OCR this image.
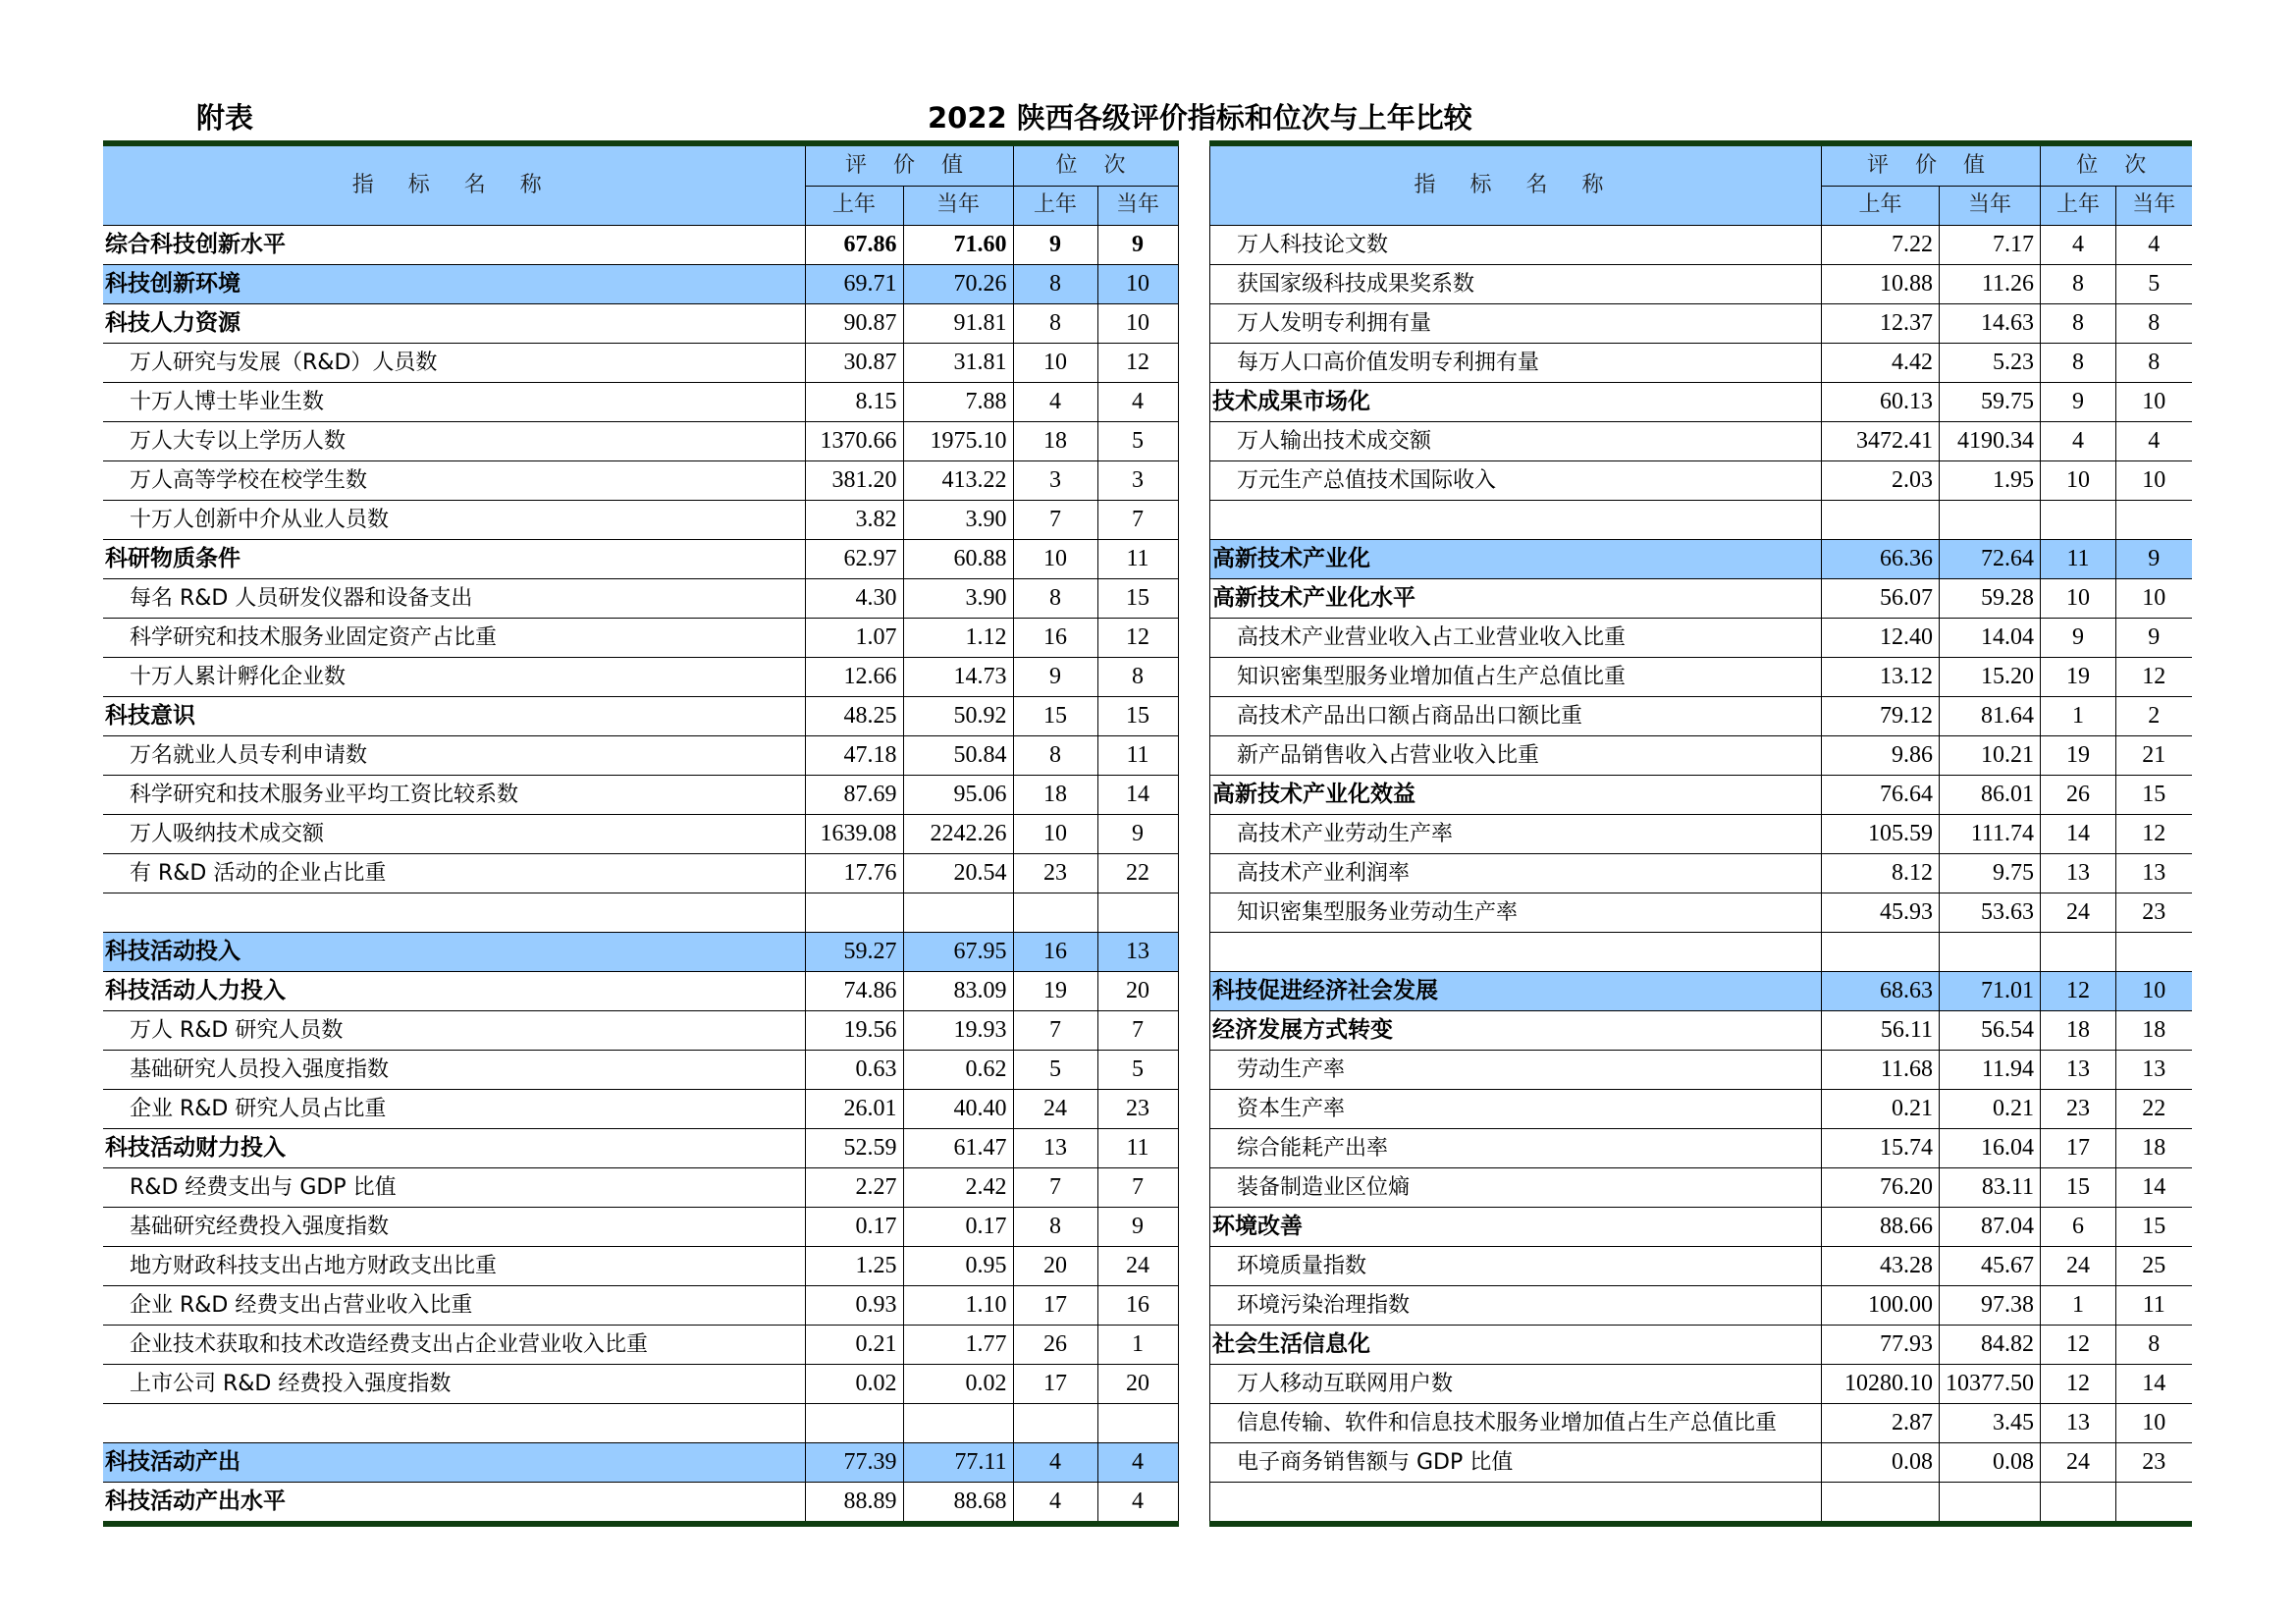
附表	2022 陕西各级评价指标和位次与上年比较
指 标 名 称	评 价 值		位 次	
	上年	当年	上年	当年
综合科技创新水平	67.86	71.60	9	9
科技创新环境	69.71	70.26	8	10
科技人力资源	90.87	91.81	8	10
万人研究与发展（R&D）人员数	30.87	31.81	10	12
十万人博士毕业生数	8.15	7.88	4	4
万人大专以上学历人数	1370.66	1975.10	18	5
万人高等学校在校学生数	381.20	413.22	3	3
十万人创新中介从业人员数	3.82	3.90	7	7
科研物质条件	62.97	60.88	10	11
每名 R&D 人员研发仪器和设备支出	4.30	3.90	8	15
科学研究和技术服务业固定资产占比重	1.07	1.12	16	12
十万人累计孵化企业数	12.66	14.73	9	8
科技意识	48.25	50.92	15	15
万名就业人员专利申请数	47.18	50.84	8	11
科学研究和技术服务业平均工资比较系数	87.69	95.06	18	14
万人吸纳技术成交额	1639.08	2242.26	10	9
有 R&D 活动的企业占比重	17.76	20.54	23	22

科技活动投入	59.27	67.95	16	13
科技活动人力投入	74.86	83.09	19	20
万人 R&D 研究人员数	19.56	19.93	7	7
基础研究人员投入强度指数	0.63	0.62	5	5
企业 R&D 研究人员占比重	26.01	40.40	24	23
科技活动财力投入	52.59	61.47	13	11
R&D 经费支出与 GDP 比值	2.27	2.42	7	7
基础研究经费投入强度指数	0.17	0.17	8	9
地方财政科技支出占地方财政支出比重	1.25	0.95	20	24
企业 R&D 经费支出占营业收入比重	0.93	1.10	17	16
企业技术获取和技术改造经费支出占企业营业收入比重	0.21	1.77	26	1
上市公司 R&D 经费投入强度指数	0.02	0.02	17	20

科技活动产出	77.39	77.11	4	4
科技活动产出水平	88.89	88.68	4	4
指 标 名 称	评 价 值		位 次	
	上年	当年	上年	当年
万人科技论文数	7.22	7.17	4	4
获国家级科技成果奖系数	10.88	11.26	8	5
万人发明专利拥有量	12.37	14.63	8	8
每万人口高价值发明专利拥有量	4.42	5.23	8	8
技术成果市场化	60.13	59.75	9	10
万人输出技术成交额	3472.41	4190.34	4	4
万元生产总值技术国际收入	2.03	1.95	10	10

高新技术产业化	66.36	72.64	11	9
高新技术产业化水平	56.07	59.28	10	10
高技术产业营业收入占工业营业收入比重	12.40	14.04	9	9
知识密集型服务业增加值占生产总值比重	13.12	15.20	19	12
高技术产品出口额占商品出口额比重	79.12	81.64	1	2
新产品销售收入占营业收入比重	9.86	10.21	19	21
高新技术产业化效益	76.64	86.01	26	15
高技术产业劳动生产率	105.59	111.74	14	12
高技术产业利润率	8.12	9.75	13	13
知识密集型服务业劳动生产率	45.93	53.63	24	23

科技促进经济社会发展	68.63	71.01	12	10
经济发展方式转变	56.11	56.54	18	18
劳动生产率	11.68	11.94	13	13
资本生产率	0.21	0.21	23	22
综合能耗产出率	15.74	16.04	17	18
装备制造业区位熵	76.20	83.11	15	14
环境改善	88.66	87.04	6	15
环境质量指数	43.28	45.67	24	25
环境污染治理指数	100.00	97.38	1	11
社会生活信息化	77.93	84.82	12	8
万人移动互联网用户数	10280.10	10377.50	12	14
信息传输、软件和信息技术服务业增加值占生产总值比重	2.87	3.45	13	10
电子商务销售额与 GDP 比值	0.08	0.08	24	23
